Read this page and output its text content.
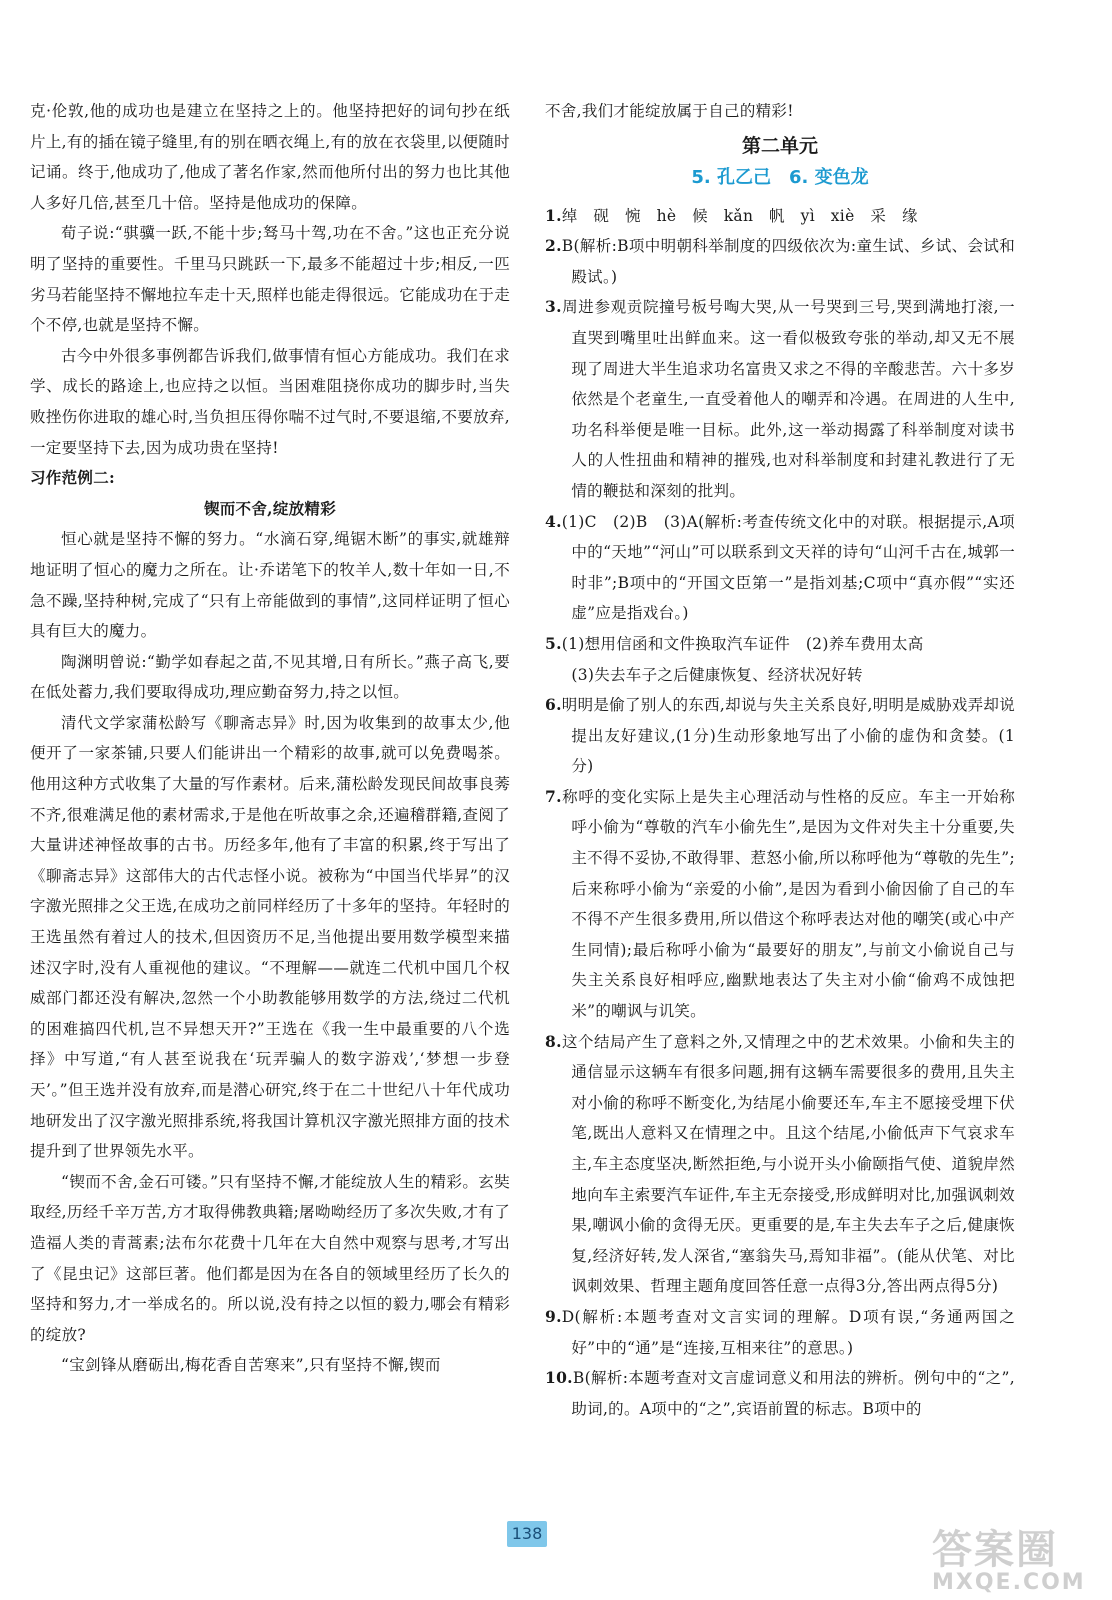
克·伦敦,他的成功也是建立在坚持之上的。他坚持把好的词句抄在纸片上,有的插在镜子缝里,有的别在晒衣绳上,有的放在衣袋里,以便随时记诵。终于,他成功了,他成了著名作家,然而他所付出的努力也比其他人多好几倍,甚至几十倍。坚持是他成功的保障。

荀子说:“骐骥一跃,不能十步;驽马十驾,功在不舍。”这也正充分说明了坚持的重要性。千里马只跳跃一下,最多不能超过十步;相反,一匹劣马若能坚持不懈地拉车走十天,照样也能走得很远。它能成功在于走个不停,也就是坚持不懈。

古今中外很多事例都告诉我们,做事情有恒心方能成功。我们在求学、成长的路途上,也应持之以恒。当困难阻挠你成功的脚步时,当失败挫伤你进取的雄心时,当负担压得你喘不过气时,不要退缩,不要放弃,一定要坚持下去,因为成功贵在坚持!

习作范例二:

锲而不舍,绽放精彩

恒心就是坚持不懈的努力。“水滴石穿,绳锯木断”的事实,就雄辩地证明了恒心的魔力之所在。让·乔诺笔下的牧羊人,数十年如一日,不急不躁,坚持种树,完成了“只有上帝能做到的事情”,这同样证明了恒心具有巨大的魔力。

陶渊明曾说:“勤学如春起之苗,不见其增,日有所长。”燕子高飞,要在低处蓄力,我们要取得成功,理应勤奋努力,持之以恒。

清代文学家蒲松龄写《聊斋志异》时,因为收集到的故事太少,他便开了一家茶铺,只要人们能讲出一个精彩的故事,就可以免费喝茶。他用这种方式收集了大量的写作素材。后来,蒲松龄发现民间故事良莠不齐,很难满足他的素材需求,于是他在听故事之余,还遍稽群籍,查阅了大量讲述神怪故事的古书。历经多年,他有了丰富的积累,终于写出了《聊斋志异》这部伟大的古代志怪小说。被称为“中国当代毕昇”的汉字激光照排之父王选,在成功之前同样经历了十多年的坚持。年轻时的王选虽然有着过人的技术,但因资历不足,当他提出要用数学模型来描述汉字时,没有人重视他的建议。“不理解——就连二代机中国几个权威部门都还没有解决,忽然一个小助教能够用数学的方法,绕过二代机的困难搞四代机,岂不异想天开?”王选在《我一生中最重要的八个选择》中写道,“有人甚至说我在‘玩弄骗人的数字游戏’,‘梦想一步登天’。”但王选并没有放弃,而是潜心研究,终于在二十世纪八十年代成功地研发出了汉字激光照排系统,将我国计算机汉字激光照排方面的技术提升到了世界领先水平。

“锲而不舍,金石可镂。”只有坚持不懈,才能绽放人生的精彩。玄奘取经,历经千辛万苦,方才取得佛教典籍;屠呦呦经历了多次失败,才有了造福人类的青蒿素;法布尔花费十几年在大自然中观察与思考,才写出了《昆虫记》这部巨著。他们都是因为在各自的领域里经历了长久的坚持和努力,才一举成名的。所以说,没有持之以恒的毅力,哪会有精彩的绽放?

“宝剑锋从磨砺出,梅花香自苦寒来”,只有坚持不懈,锲而

不舍,我们才能绽放属于自己的精彩!

第二单元
5. 孔乙己　6. 变色龙

1.绰　砚　惋　hè　候　kǎn　帆　yì　xiè　采　缘

2.B(解析:B项中明朝科举制度的四级依次为:童生试、乡试、会试和殿试。)

3.周进参观贡院撞号板号啕大哭,从一号哭到三号,哭到满地打滚,一直哭到嘴里吐出鲜血来。这一看似极致夸张的举动,却又无不展现了周进大半生追求功名富贵又求之不得的辛酸悲苦。六十多岁依然是个老童生,一直受着他人的嘲弄和冷遇。在周进的人生中,功名科举便是唯一目标。此外,这一举动揭露了科举制度对读书人的人性扭曲和精神的摧残,也对科举制度和封建礼教进行了无情的鞭挞和深刻的批判。

4.(1)C　(2)B　(3)A(解析:考查传统文化中的对联。根据提示,A项中的“天地”“河山”可以联系到文天祥的诗句“山河千古在,城郭一时非”;B项中的“开国文臣第一”是指刘基;C项中“真亦假”“实还虚”应是指戏台。)

5.(1)想用信函和文件换取汽车证件　(2)养车费用太高

(3)失去车子之后健康恢复、经济状况好转

6.明明是偷了别人的东西,却说与失主关系良好,明明是威胁戏弄却说提出友好建议,(1分)生动形象地写出了小偷的虚伪和贪婪。(1分)

7.称呼的变化实际上是失主心理活动与性格的反应。车主一开始称呼小偷为“尊敬的汽车小偷先生”,是因为文件对失主十分重要,失主不得不妥协,不敢得罪、惹怒小偷,所以称呼他为“尊敬的先生”;后来称呼小偷为“亲爱的小偷”,是因为看到小偷因偷了自己的车不得不产生很多费用,所以借这个称呼表达对他的嘲笑(或心中产生同情);最后称呼小偷为“最要好的朋友”,与前文小偷说自己与失主关系良好相呼应,幽默地表达了失主对小偷“偷鸡不成蚀把米”的嘲讽与讥笑。

8.这个结局产生了意料之外,又情理之中的艺术效果。小偷和失主的通信显示这辆车有很多问题,拥有这辆车需要很多的费用,且失主对小偷的称呼不断变化,为结尾小偷要还车,车主不愿接受埋下伏笔,既出人意料又在情理之中。且这个结尾,小偷低声下气哀求车主,车主态度坚决,断然拒绝,与小说开头小偷颐指气使、道貌岸然地向车主索要汽车证件,车主无奈接受,形成鲜明对比,加强讽刺效果,嘲讽小偷的贪得无厌。更重要的是,车主失去车子之后,健康恢复,经济好转,发人深省,“塞翁失马,焉知非福”。(能从伏笔、对比讽刺效果、哲理主题角度回答任意一点得3分,答出两点得5分)

9.D(解析:本题考查对文言实词的理解。D项有误,“务通两国之好”中的“通”是“连接,互相来往”的意思。)

10.B(解析:本题考查对文言虚词意义和用法的辨析。例句中的“之”,助词,的。A项中的“之”,宾语前置的标志。B项中的

138	答案圈
MXQE.COM
